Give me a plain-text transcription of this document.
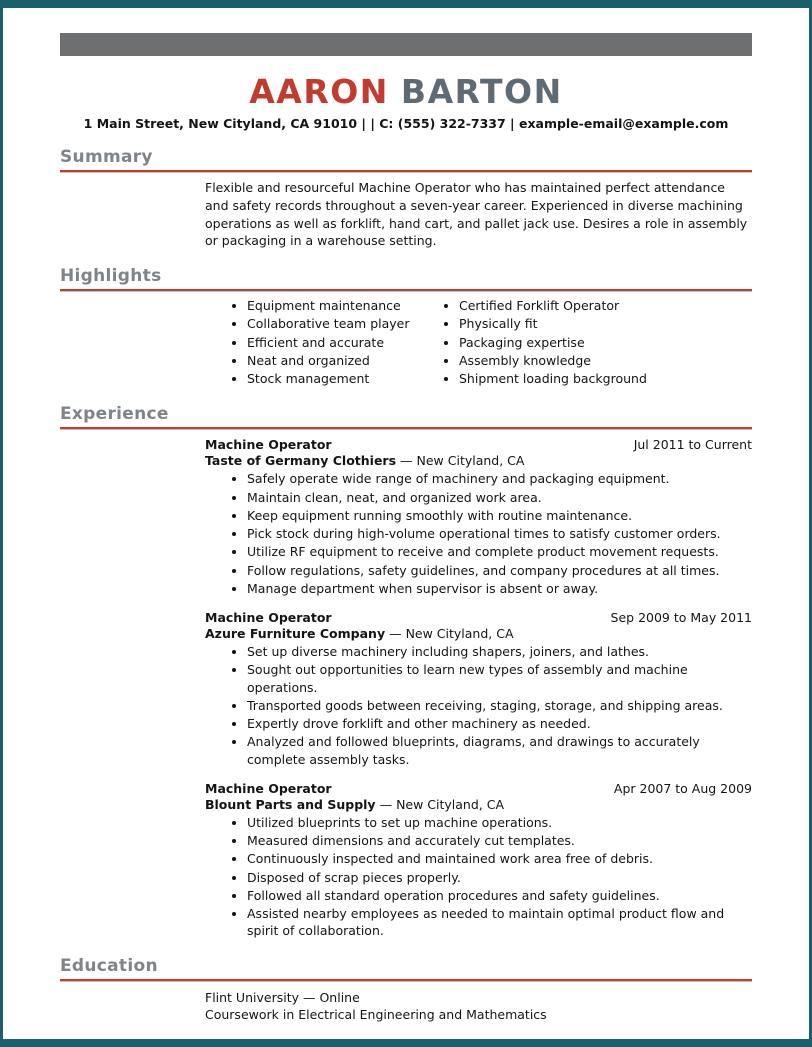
AARON BARTON
1 Main Street, New Cityland, CA 91010 | | C: (555) 322-7337 | example-email@example.com
Summary
Flexible and resourceful Machine Operator who has maintained perfect attendance and safety records throughout a seven-year career. Experienced in diverse machining operations as well as forklift, hand cart, and pallet jack use. Desires a role in assembly or packaging in a warehouse setting.
Highlights
• Equipment maintenance
• Collaborative team player
• Efficient and accurate
• Neat and organized
• Stock management
• Certified Forklift Operator
• Physically fit
• Packaging expertise
• Assembly knowledge
• Shipment loading background
Experience
Machine Operator	Jul 2011 to Current
Taste of Germany Clothiers — New Cityland, CA
• Safely operate wide range of machinery and packaging equipment.
• Maintain clean, neat, and organized work area.
• Keep equipment running smoothly with routine maintenance.
• Pick stock during high-volume operational times to satisfy customer orders.
• Utilize RF equipment to receive and complete product movement requests.
• Follow regulations, safety guidelines, and company procedures at all times.
• Manage department when supervisor is absent or away.
Machine Operator	Sep 2009 to May 2011
Azure Furniture Company — New Cityland, CA
• Set up diverse machinery including shapers, joiners, and lathes.
• Sought out opportunities to learn new types of assembly and machine operations.
• Transported goods between receiving, staging, storage, and shipping areas.
• Expertly drove forklift and other machinery as needed.
• Analyzed and followed blueprints, diagrams, and drawings to accurately complete assembly tasks.
Machine Operator	Apr 2007 to Aug 2009
Blount Parts and Supply — New Cityland, CA
• Utilized blueprints to set up machine operations.
• Measured dimensions and accurately cut templates.
• Continuously inspected and maintained work area free of debris.
• Disposed of scrap pieces properly.
• Followed all standard operation procedures and safety guidelines.
• Assisted nearby employees as needed to maintain optimal product flow and spirit of collaboration.
Education
Flint University — Online
Coursework in Electrical Engineering and Mathematics
